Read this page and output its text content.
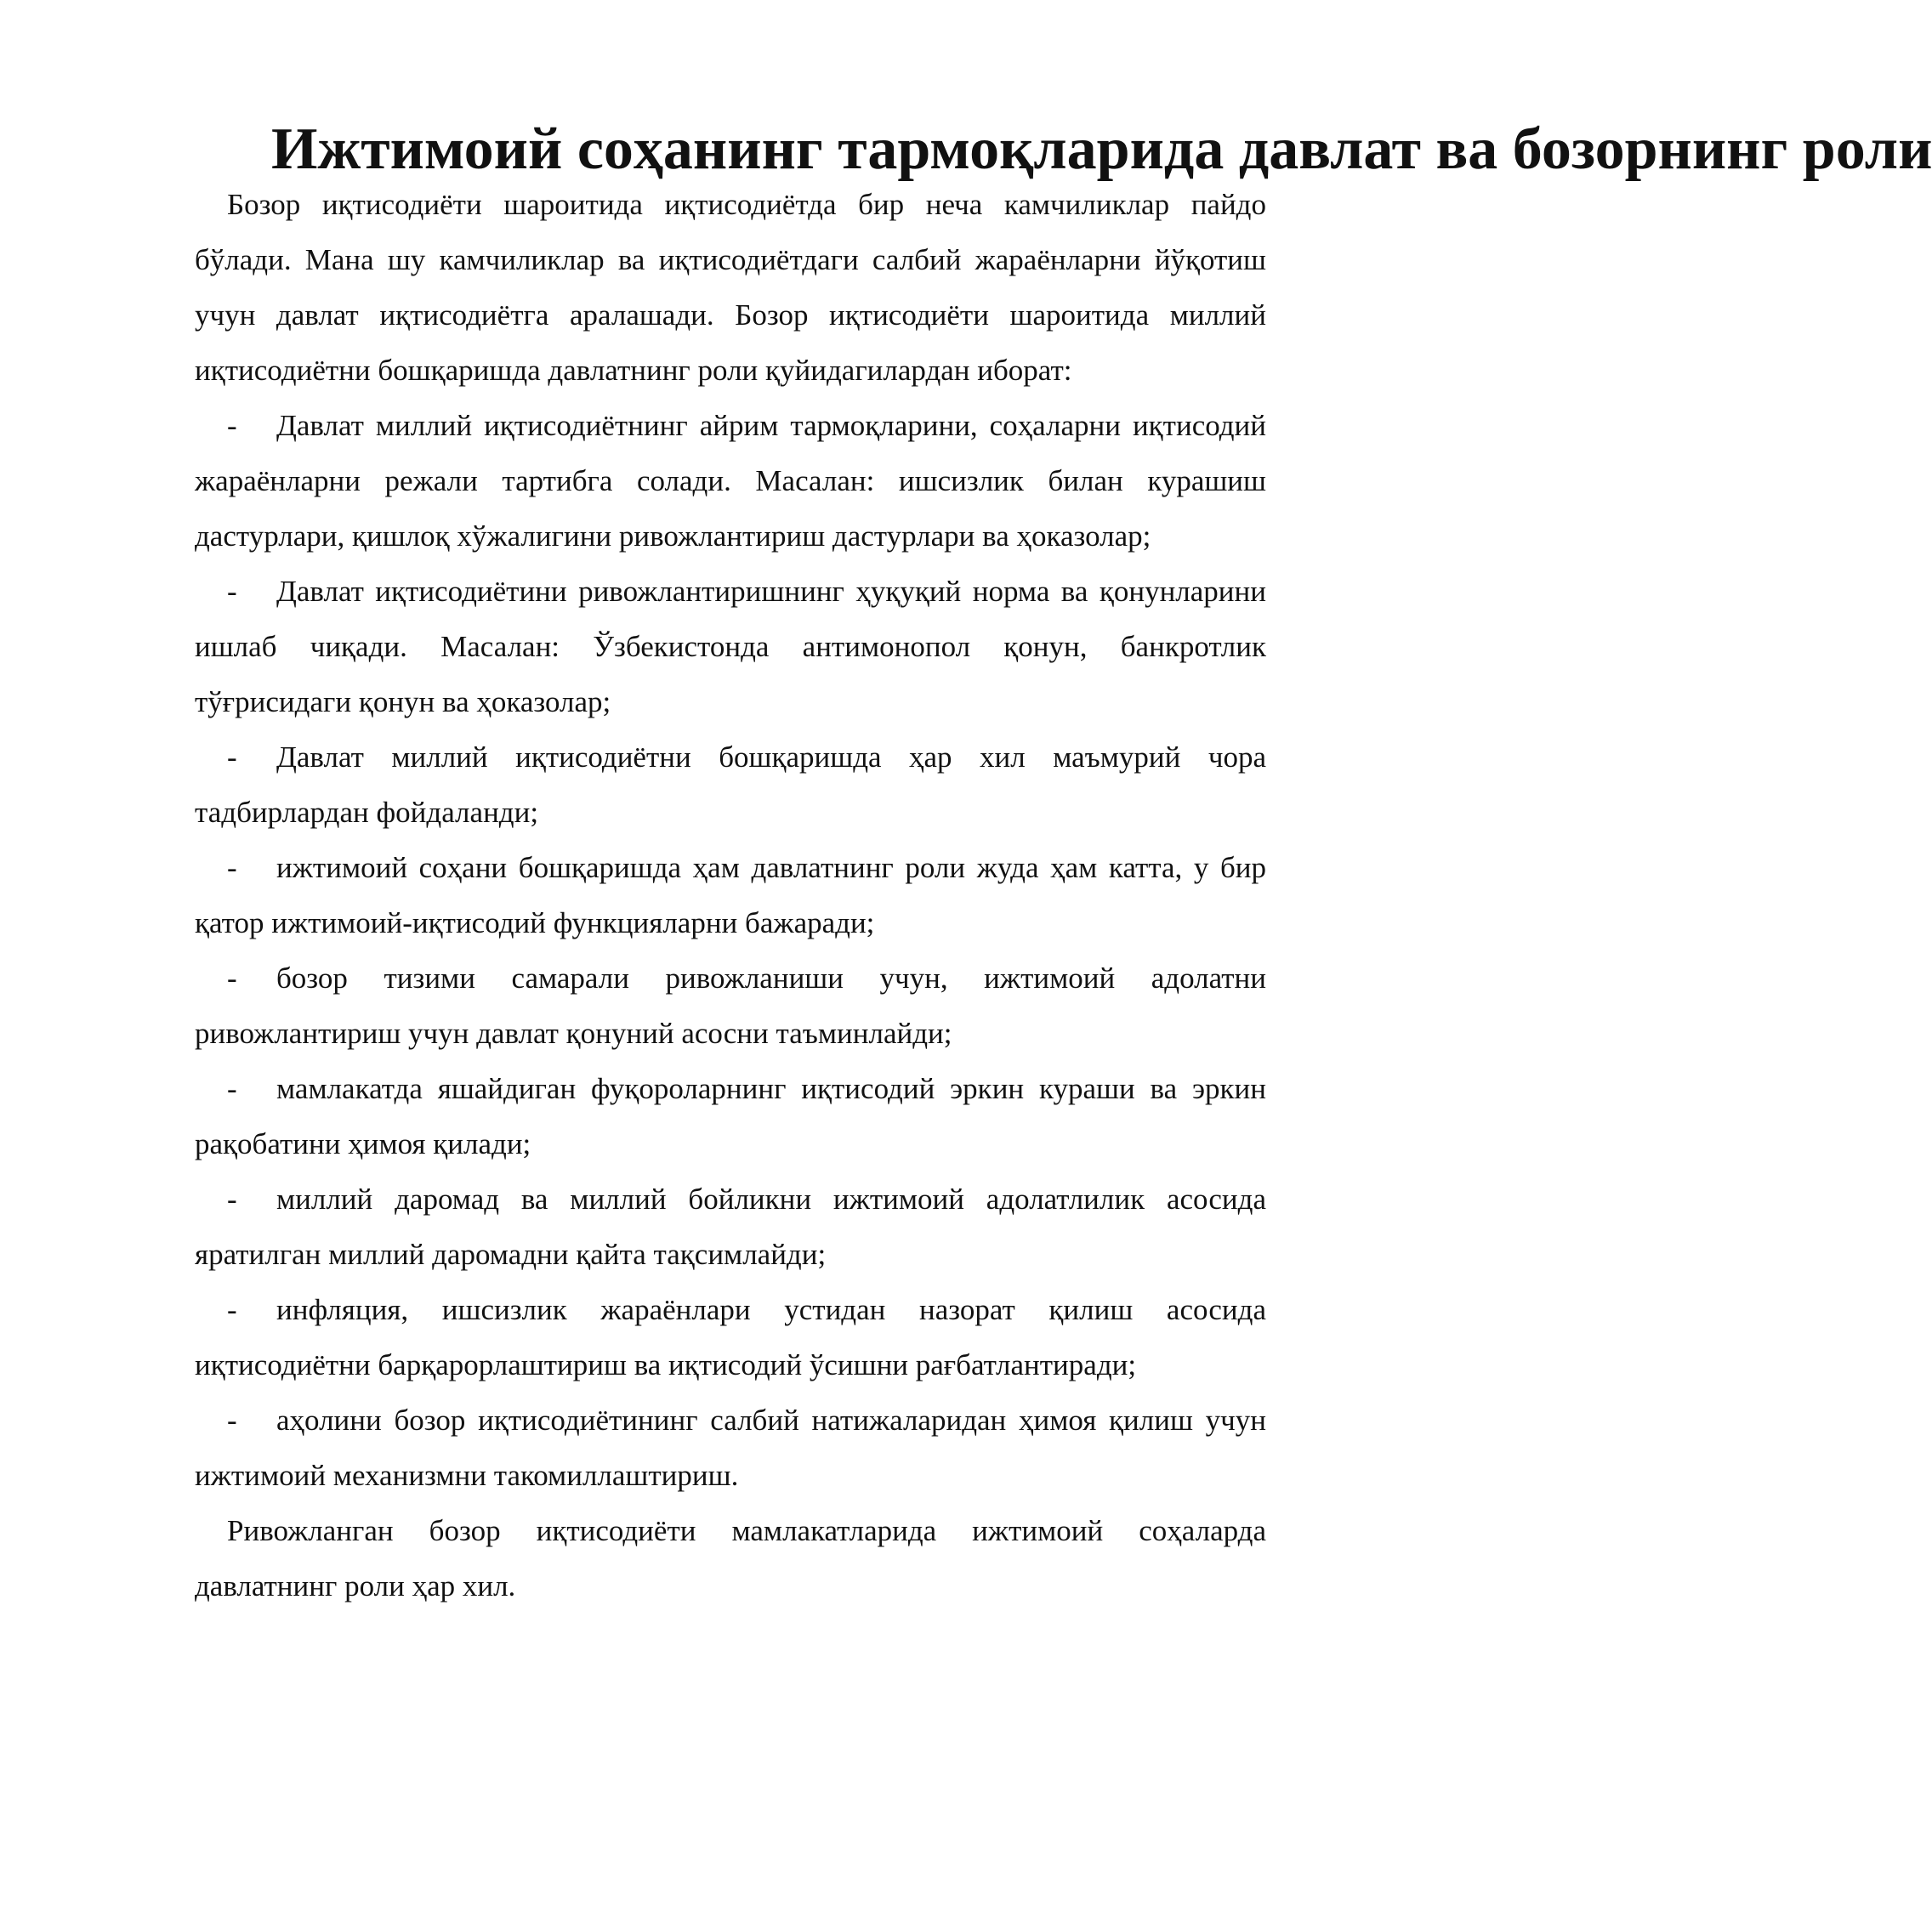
Ижтимоий соҳанинг тармоқларида давлат ва бозорнинг роли

Бозор иқтисодиёти шароитида иқтисодиётда бир неча камчиликлар пайдо бўлади. Мана шу камчиликлар ва иқтисодиётдаги салбий жараёнларни йўқотиш учун давлат иқтисодиётга аралашади. Бозор иқтисодиёти шароитида миллий иқтисодиётни бошқаришда давлатнинг роли қуйидагилардан иборат:

- Давлат миллий иқтисодиётнинг айрим тармоқларини, соҳаларни иқтисодий жараёнларни режали тартибга солади. Масалан: ишсизлик билан курашиш дастурлари, қишлоқ хўжалигини ривожлантириш дастурлари ва ҳоказолар;

- Давлат иқтисодиётини ривожлантиришнинг ҳуқуқий норма ва қонунларини ишлаб чиқади. Масалан: Ўзбекистонда антимонопол қонун, банкротлик тўғрисидаги қонун ва ҳоказолар;

- Давлат миллий иқтисодиётни бошқаришда ҳар хил маъмурий чора тадбирлардан фойдаланди;

- ижтимоий соҳани бошқаришда ҳам давлатнинг роли жуда ҳам катта, у бир қатор ижтимоий-иқтисодий функцияларни бажаради;

- бозор тизими самарали ривожланиши учун, ижтимоий адолатни ривожлантириш учун давлат қонуний асосни таъминлайди;

- мамлакатда яшайдиган фуқороларнинг иқтисодий эркин кураши ва эркин рақобатини ҳимоя қилади;

- миллий даромад ва миллий бойликни ижтимоий адолатлилик асосида яратилган миллий даромадни қайта тақсимлайди;

- инфляция, ишсизлик жараёнлари устидан назорат қилиш асосида иқтисодиётни барқарорлаштириш ва иқтисодий ўсишни рағбатлантиради;

- аҳолини бозор иқтисодиётининг салбий натижаларидан ҳимоя қилиш учун ижтимоий механизмни такомиллаштириш.

Ривожланган бозор иқтисодиёти мамлакатларида ижтимоий соҳаларда давлатнинг роли ҳар хил.
